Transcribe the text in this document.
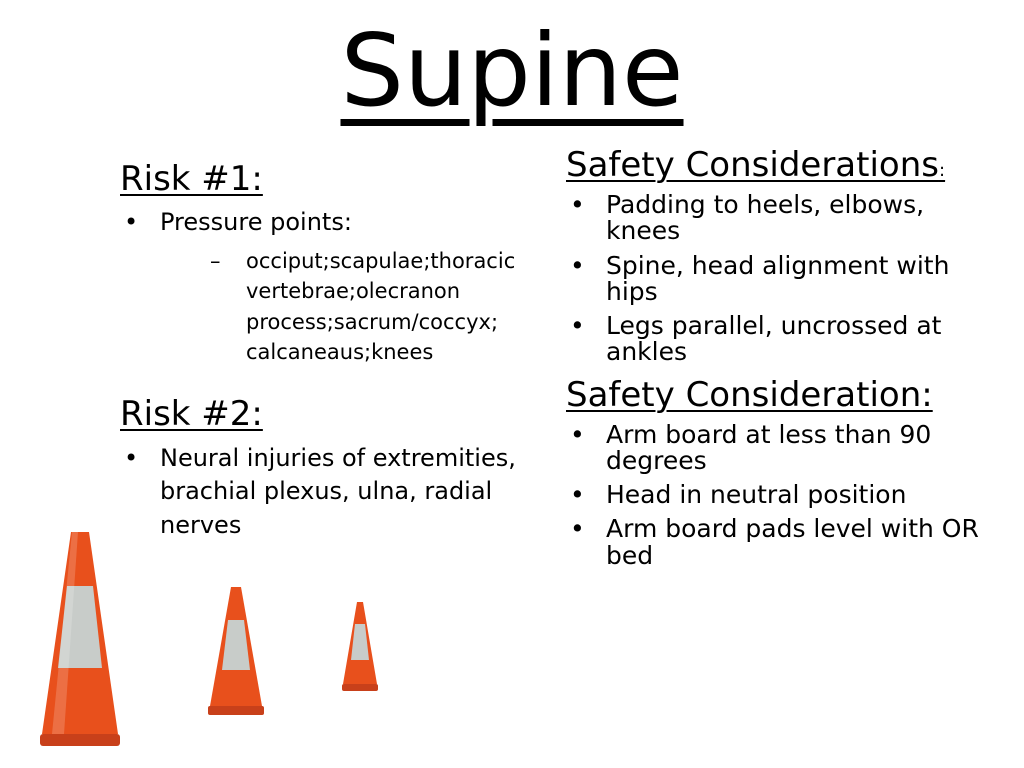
Supine
Risk #1:
• Pressure points:
– occiput;scapulae;thoracic vertebrae;olecranon process;sacrum/coccyx; calcaneaus;knees
Risk #2:
• Neural injuries of extremities, brachial plexus, ulna, radial nerves
Safety Considerations:
• Padding to heels, elbows, knees
• Spine, head alignment with hips
• Legs parallel, uncrossed at ankles
Safety Consideration:
• Arm board at less than 90 degrees
• Head in neutral position
• Arm board pads level with OR bed
